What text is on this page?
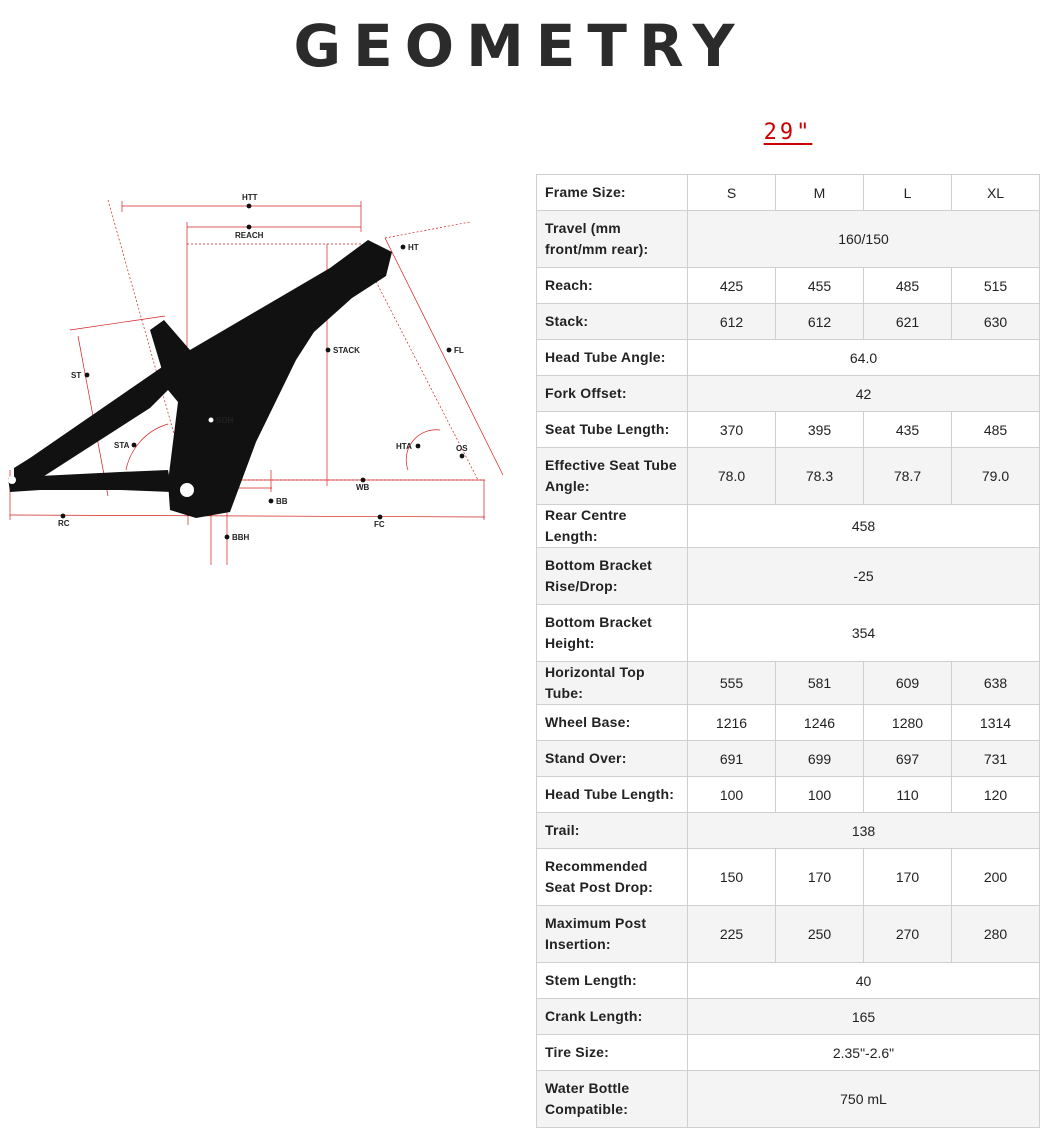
GEOMETRY
29"
HTT
REACH
HT
ST
STACK	FL
SOH
STA	HTA	OS
WB
BB
RC	FC
BBH
Frame Size:	S	M	L	XL
Travel (mm front/mm rear):	160/150			
Reach:	425	455	485	515
Stack:	612	612	621	630
Head Tube Angle:	64.0			
Fork Offset:	42			
Seat Tube Length:	370	395	435	485
Effective Seat Tube Angle:	78.0	78.3	78.7	79.0
Rear Centre Length:	458			
Bottom Bracket Rise/Drop:	-25			
Bottom Bracket Height:	354			
Horizontal Top Tube:	555	581	609	638
Wheel Base:	1216	1246	1280	1314
Stand Over:	691	699	697	731
Head Tube Length:	100	100	110	120
Trail:	138			
Recommended Seat Post Drop:	150	170	170	200
Maximum Post Insertion:	225	250	270	280
Stem Length:	40			
Crank Length:	165			
Tire Size:	2.35"-2.6"			
Water Bottle Compatible:	750 mL			
